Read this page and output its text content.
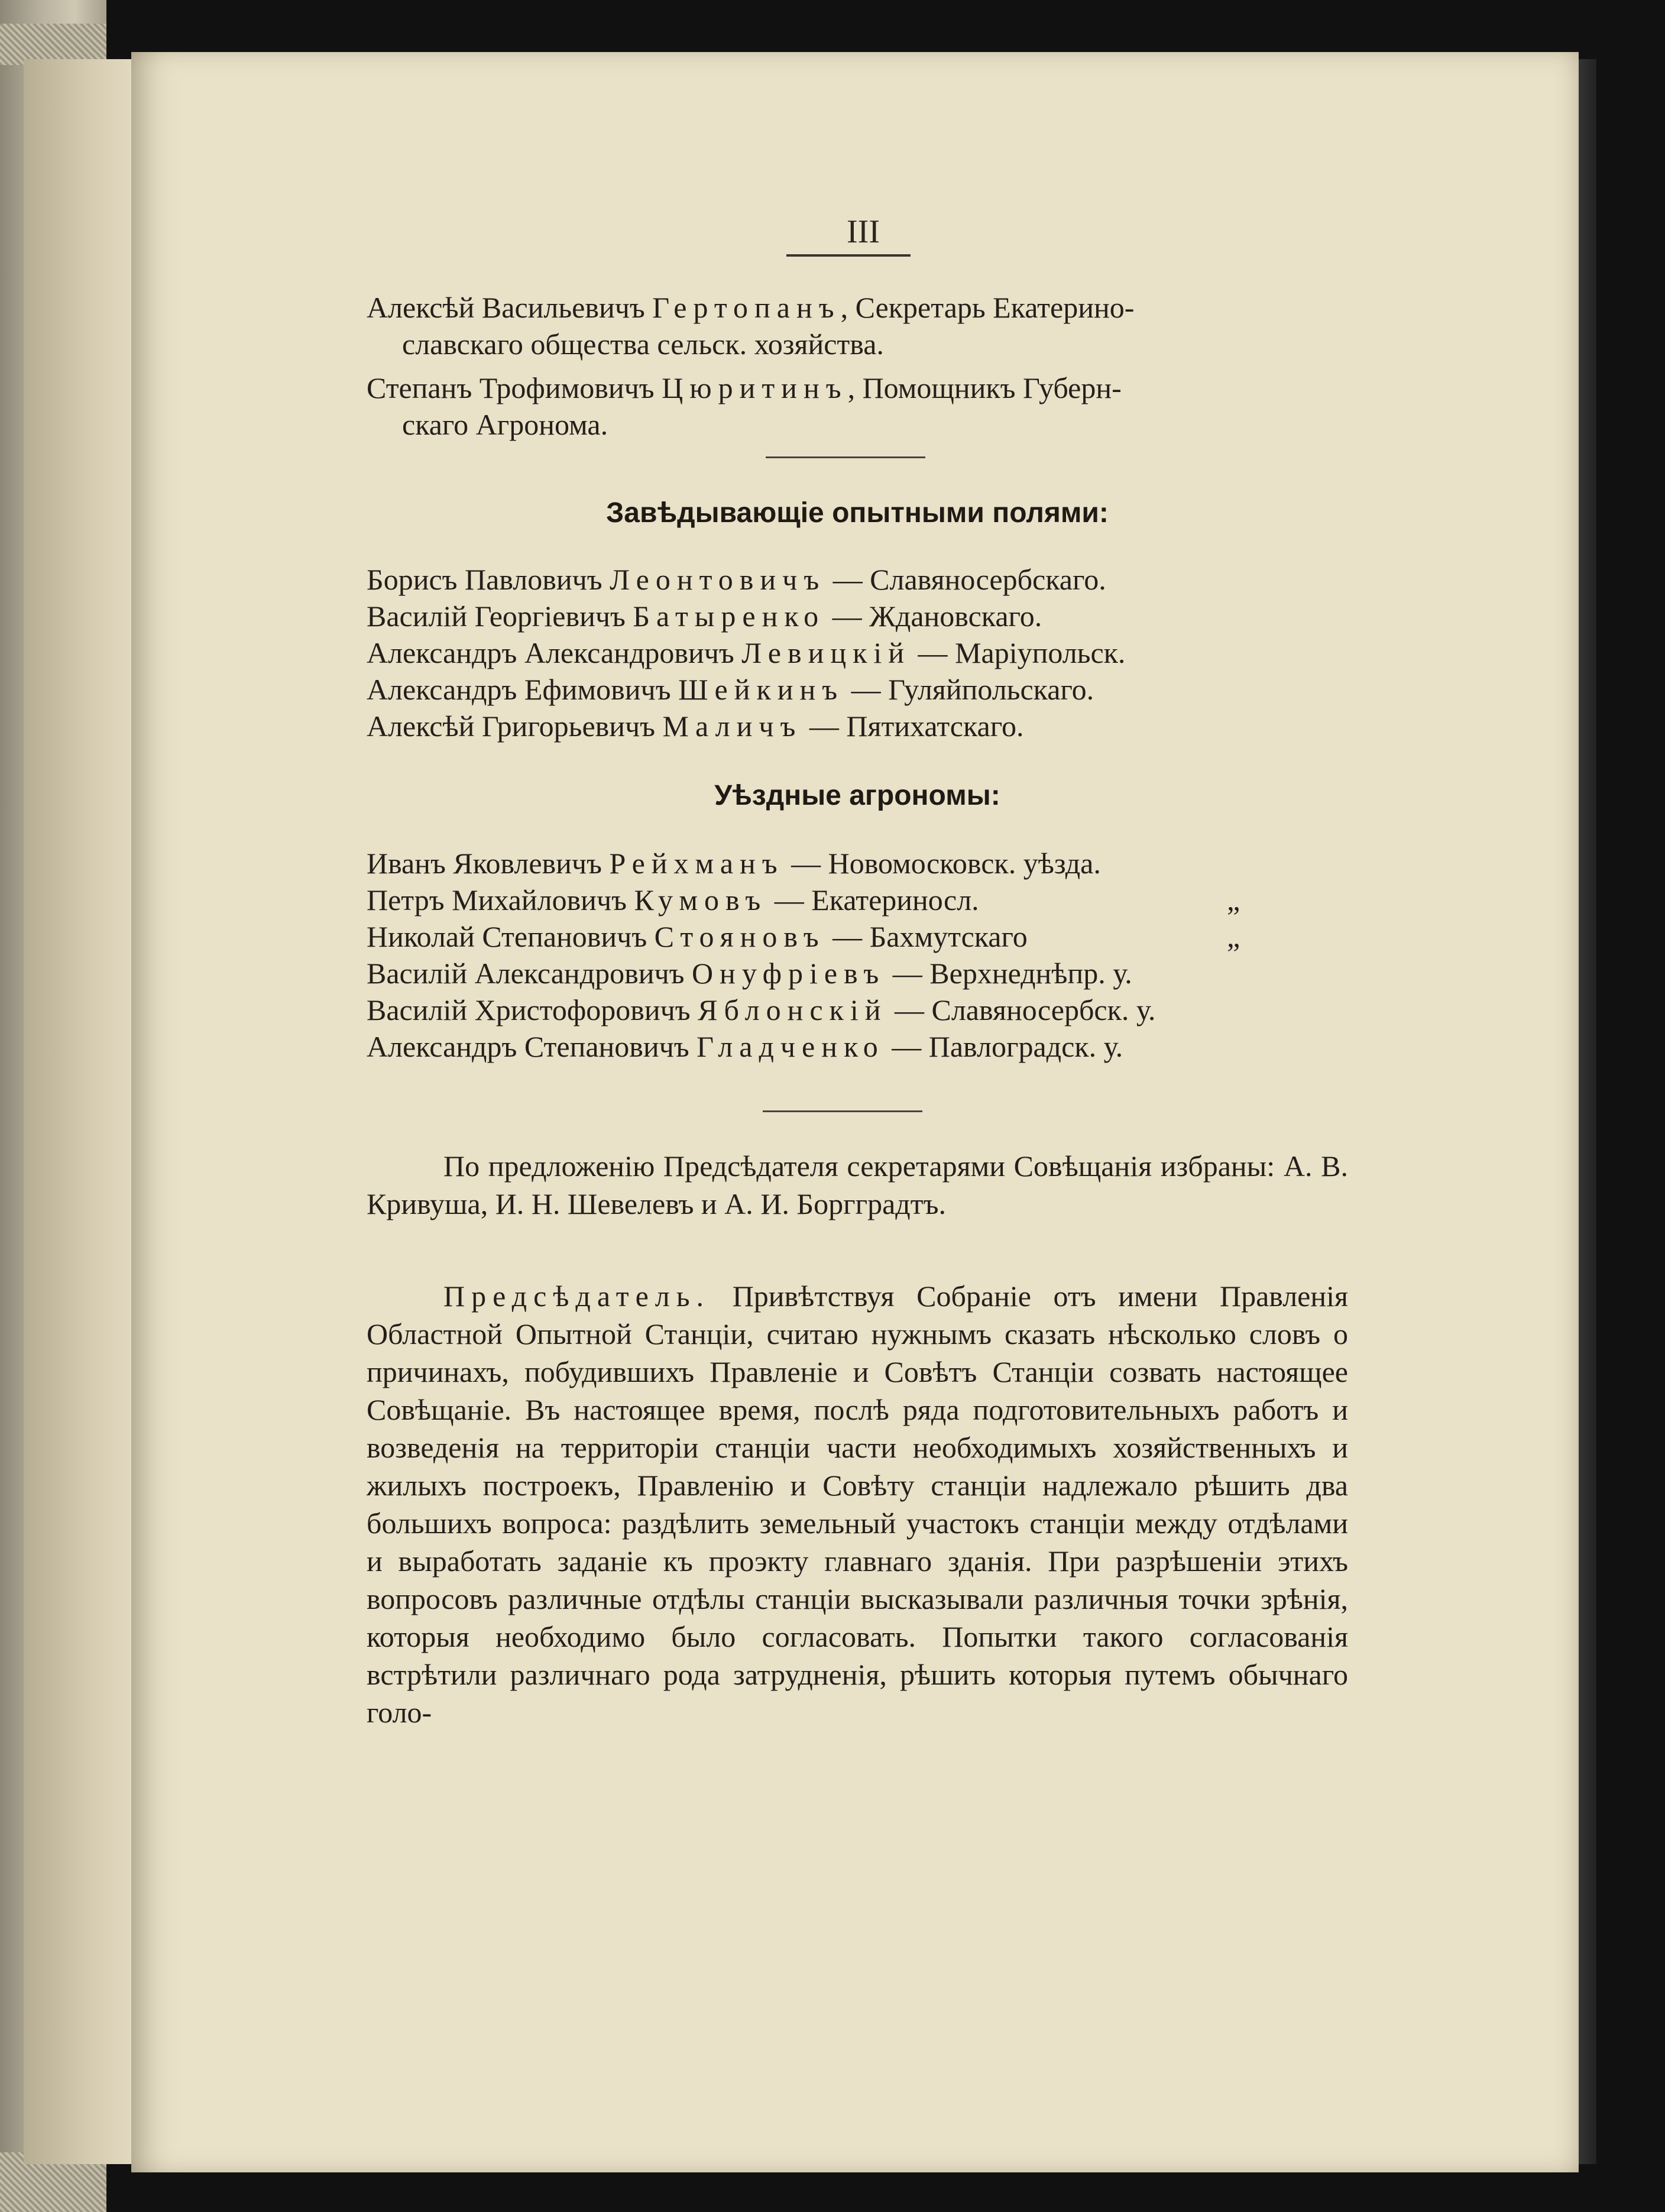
III
Алексѣй Васильевичъ Гертопанъ, Секретарь Екатерино-
славскаго общества сельск. хозяйства.
Степанъ Трофимовичъ Цюритинъ, Помощникъ Губерн-
скаго Агронома.
Завѣдывающіе опытными полями:
Борисъ Павловичъ Леонтовичъ — Славяносербскаго.
Василій Георгіевичъ Батыренко — Ждановскаго.
Александръ Александровичъ Левицкій — Маріупольск.
Александръ Ефимовичъ Шейкинъ — Гуляйпольскаго.
Алексѣй Григорьевичъ Маличъ — Пятихатскаго.
Уѣздные агрономы:
Иванъ Яковлевичъ Рейхманъ — Новомосковск. уѣзда.
Петръ Михайловичъ Кумовъ — Екатериносл.	„
Николай Степановичъ Стояновъ — Бахмутскаго	„
Василій Александровичъ Онуфріевъ — Верхнеднѣпр. у.
Василій Христофоровичъ Яблонскій — Славяносербск. у.
Александръ Степановичъ Гладченко — Павлоградск. у.
По предложенію Предсѣдателя секретарями Совѣщанія избраны: А. В. Кривуша, И. Н. Шевелевъ и А. И. Боргградтъ.
Предсѣдатель. Привѣтствуя Собраніе отъ имени Правленія Областной Опытной Станціи, считаю нужнымъ сказать нѣсколько словъ о причинахъ, побудившихъ Правленіе и Совѣтъ Станціи созвать настоящее Совѣщаніе. Въ настоящее время, послѣ ряда подготовительныхъ работъ и возведенія на территоріи станціи части необходимыхъ хозяйственныхъ и жилыхъ построекъ, Правленію и Совѣту станціи надлежало рѣшить два большихъ вопроса: раздѣлить земельный участокъ станціи между отдѣлами и выработать заданіе къ проэкту главнаго зданія. При разрѣшеніи этихъ вопросовъ различные отдѣлы станціи высказывали различныя точки зрѣнія, которыя необходимо было согласовать. Попытки такого согласованія встрѣтили различнаго рода затрудненія, рѣшить которыя путемъ обычнаго голо-
